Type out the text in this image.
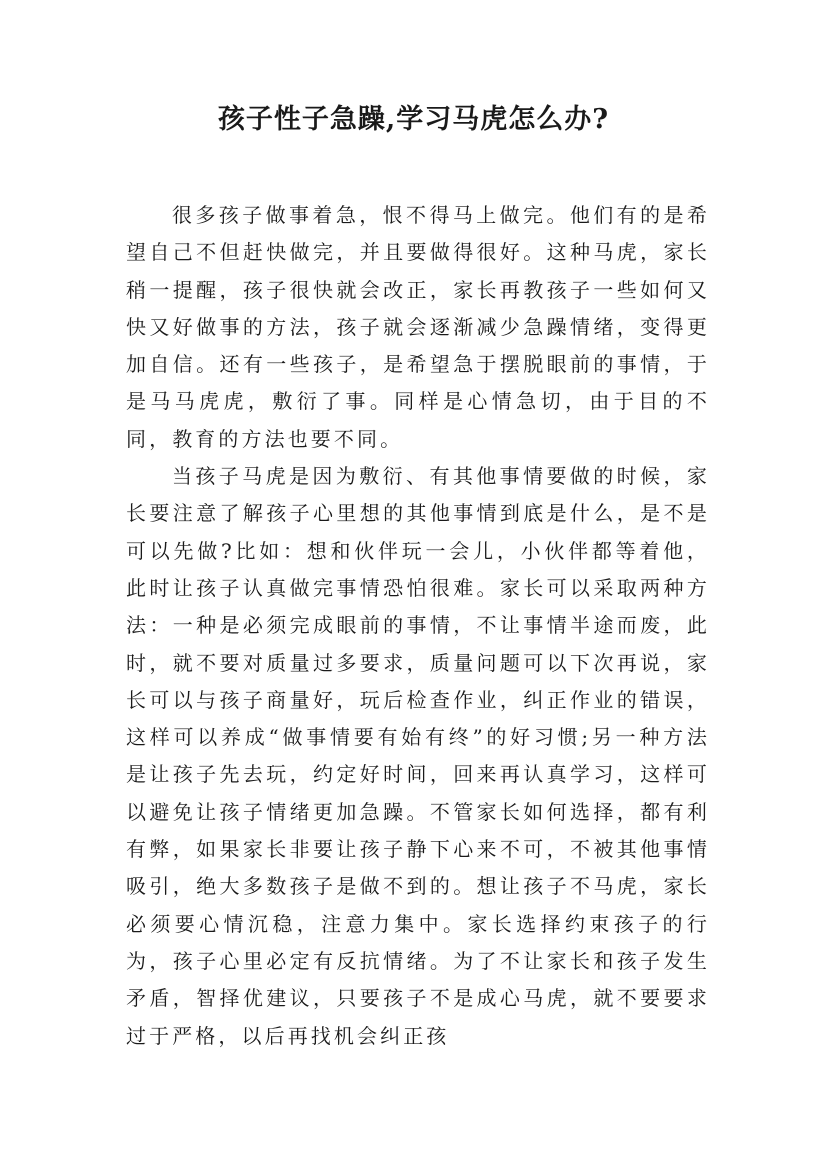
孩子性子急躁,学习马虎怎么办?

很多孩子做事着急，恨不得马上做完。他们有的是希望自己不但赶快做完，并且要做得很好。这种马虎，家长稍一提醒，孩子很快就会改正，家长再教孩子一些如何又快又好做事的方法，孩子就会逐渐减少急躁情绪，变得更加自信。还有一些孩子，是希望急于摆脱眼前的事情，于是马马虎虎，敷衍了事。同样是心情急切，由于目的不同，教育的方法也要不同。

当孩子马虎是因为敷衍、有其他事情要做的时候，家长要注意了解孩子心里想的其他事情到底是什么，是不是可以先做?比如：想和伙伴玩一会儿，小伙伴都等着他，此时让孩子认真做完事情恐怕很难。家长可以采取两种方法：一种是必须完成眼前的事情，不让事情半途而废，此时，就不要对质量过多要求，质量问题可以下次再说，家长可以与孩子商量好，玩后检查作业，纠正作业的错误，这样可以养成“做事情要有始有终”的好习惯;另一种方法是让孩子先去玩，约定好时间，回来再认真学习，这样可以避免让孩子情绪更加急躁。不管家长如何选择，都有利有弊，如果家长非要让孩子静下心来不可，不被其他事情吸引，绝大多数孩子是做不到的。想让孩子不马虎，家长必须要心情沉稳，注意力集中。家长选择约束孩子的行为，孩子心里必定有反抗情绪。为了不让家长和孩子发生矛盾，智择优建议，只要孩子不是成心马虎，就不要要求过于严格，以后再找机会纠正孩
